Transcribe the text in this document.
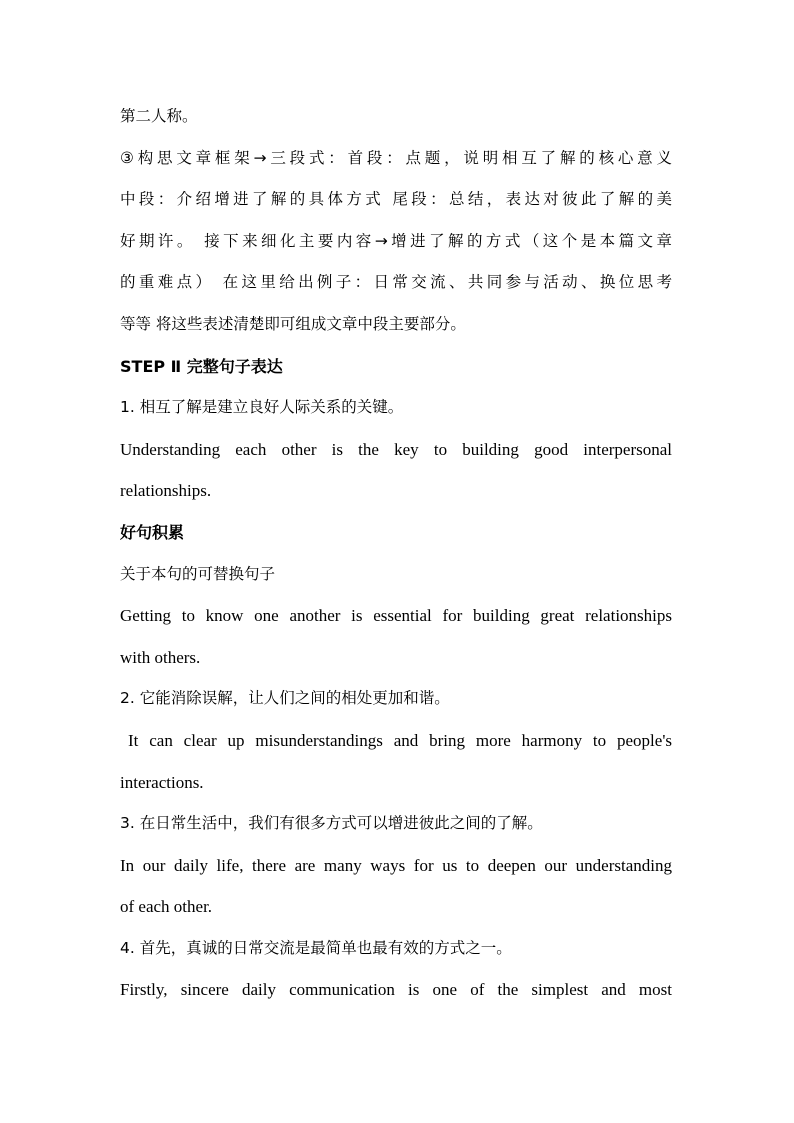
第二人称。
③构思文章框架→三段式：首段：点题，说明相互了解的核心意义
中段：介绍增进了解的具体方式 尾段：总结，表达对彼此了解的美
好期许。 接下来细化主要内容→增进了解的方式（这个是本篇文章
的重难点） 在这里给出例子：日常交流、共同参与活动、换位思考
等等 将这些表述清楚即可组成文章中段主要部分。
STEP Ⅱ 完整句子表达
1. 相互了解是建立良好人际关系的关键。
Understanding each other is the key to building good interpersonal
relationships.
好句积累
关于本句的可替换句子
Getting to know one another is essential for building great relationships
with others.
2. 它能消除误解，让人们之间的相处更加和谐。
It can clear up misunderstandings and bring more harmony to people's
interactions.
3. 在日常生活中，我们有很多方式可以增进彼此之间的了解。
In our daily life, there are many ways for us to deepen our understanding
of each other.
4. 首先，真诚的日常交流是最简单也最有效的方式之一。
Firstly, sincere daily communication is one of the simplest and most
